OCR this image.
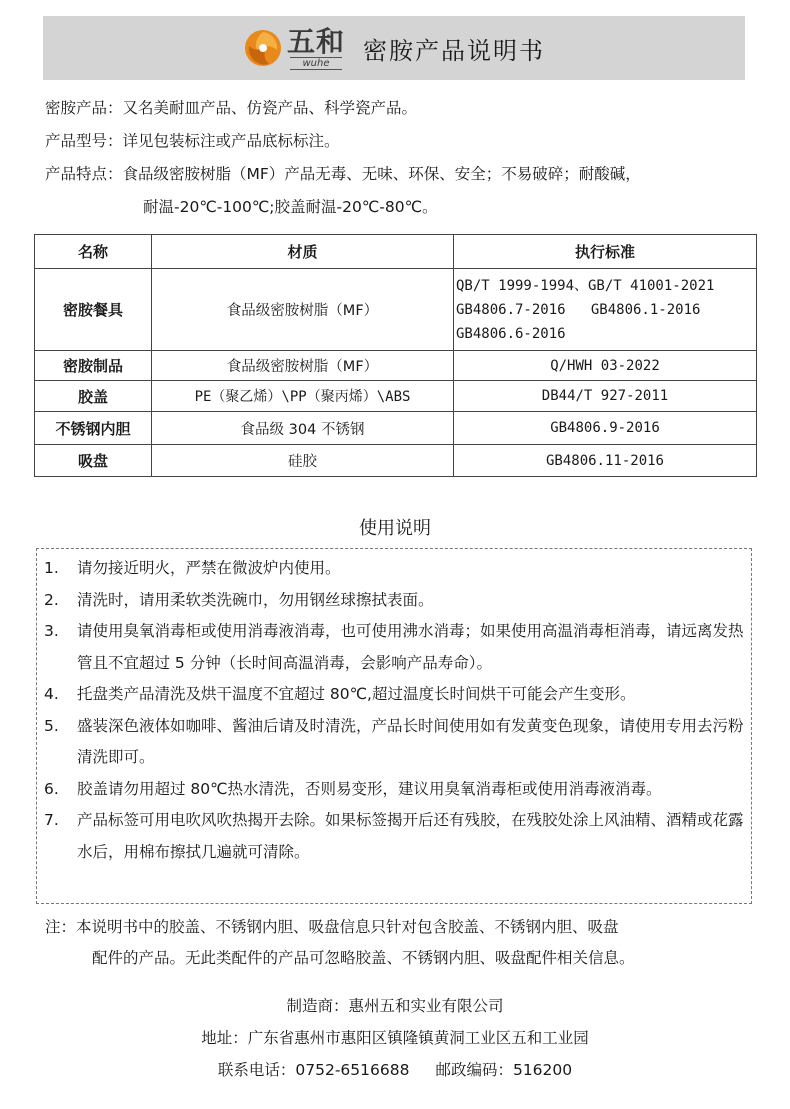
五和
wuhe	密胺产品说明书
密胺产品： 又名美耐皿产品、仿瓷产品、科学瓷产品。
产品型号： 详见包装标注或产品底标标注。
产品特点： 食品级密胺树脂（MF）产品无毒、无味、环保、安全；不易破碎；耐酸碱，
耐温-20℃-100℃;胶盖耐温-20℃-80℃。
名称	材质	执行标准
密胺餐具	食品级密胺树脂（MF）	QB/T 1999-1994、GB/T 41001-2021
GB4806.7-2016   GB4806.1-2016
GB4806.6-2016

密胺制品	食品级密胺树脂（MF）	Q/HWH 03-2022
胶盖	PE（聚乙烯）\PP（聚丙烯）\ABS	DB44/T 927-2011
不锈钢内胆	食品级 304 不锈钢	GB4806.9-2016
吸盘	硅胶	GB4806.11-2016
使用说明
1.	请勿接近明火，严禁在微波炉内使用。
2.	清洗时，请用柔软类洗碗巾，勿用钢丝球擦拭表面。
3.	请使用臭氧消毒柜或使用消毒液消毒，也可使用沸水消毒；如果使用高温消毒柜消毒，请远离发热管且不宜超过 5 分钟（长时间高温消毒，会影响产品寿命）。
4.	托盘类产品清洗及烘干温度不宜超过 80℃,超过温度长时间烘干可能会产生变形。
5.	盛装深色液体如咖啡、酱油后请及时清洗，产品长时间使用如有发黄变色现象，请使用专用去污粉清洗即可。
6.	胶盖请勿用超过 80℃热水清洗，否则易变形，建议用臭氧消毒柜或使用消毒液消毒。
7.	产品标签可用电吹风吹热揭开去除。如果标签揭开后还有残胶，在残胶处涂上风油精、酒精或花露水后，用棉布擦拭几遍就可清除。
注：本说明书中的胶盖、不锈钢内胆、吸盘信息只针对包含胶盖、不锈钢内胆、吸盘
配件的产品。无此类配件的产品可忽略胶盖、不锈钢内胆、吸盘配件相关信息。
制造商：惠州五和实业有限公司
地址：广东省惠州市惠阳区镇隆镇黄洞工业区五和工业园
联系电话：0752-6516688 邮政编码：516200
